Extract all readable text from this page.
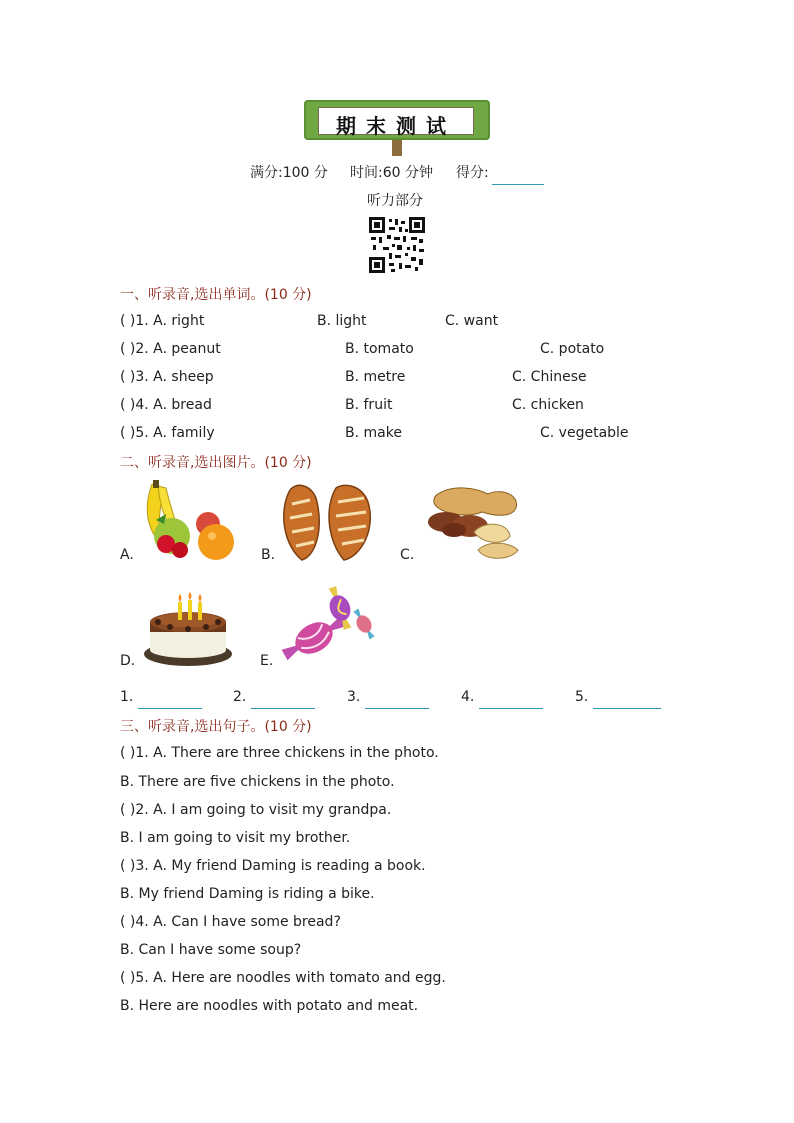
期末测试
满分:100 分 时间:60 分钟 得分:
听力部分
一、听录音,选出单词。(10 分)
( )1. A. right	B. light	C. want
( )2. A. peanut	B. tomato	C. potato
( )3. A. sheep	B. metre	C. Chinese
( )4. A. bread	B. fruit	C. chicken
( )5. A. family	B. make	C. vegetable
二、听录音,选出图片。(10 分)
A.	B.	C.
D.	E.
1.	2.	3.	4.	5.
三、听录音,选出句子。(10 分)
( )1. A. There are three chickens in the photo.
B. There are five chickens in the photo.
( )2. A. I am going to visit my grandpa.
B. I am going to visit my brother.
( )3. A. My friend Daming is reading a book.
B. My friend Daming is riding a bike.
( )4. A. Can I have some bread?
B. Can I have some soup?
( )5. A. Here are noodles with tomato and egg.
B. Here are noodles with potato and meat.
